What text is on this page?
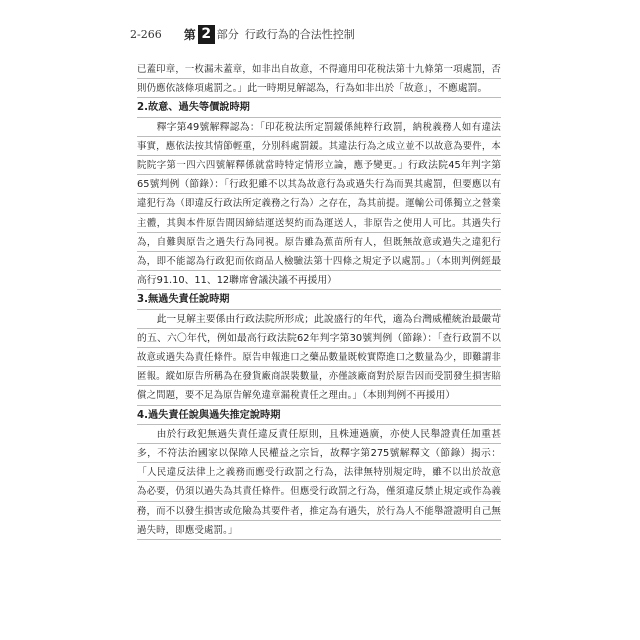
2-266 第 2 部分 行政行為的合法性控制

已蓋印章，一枚漏未蓋章，如非出自故意，不得適用印花稅法第十九條第一項處罰，否則仍應依該條項處罰之。」此一時期見解認為，行為如非出於「故意」，不應處罰。

2.故意、過失等價說時期

釋字第49號解釋認為：「印花稅法所定罰鍰係純粹行政罰，納稅義務人如有違法事實，應依法按其情節輕重，分別科處罰鍰。其違法行為之成立並不以故意為要件，本院院字第一四六四號解釋係就當時特定情形立論，應予變更。」行政法院45年判字第65號判例（節錄）：「行政犯雖不以其為故意行為或過失行為而異其處罰，但要應以有違犯行為（即違反行政法所定義務之行為）之存在，為其前提。運輸公司係獨立之營業主體，其與本件原告間因締結運送契約而為運送人，非原告之使用人可比。其過失行為，自難與原告之過失行為同視。原告雖為蕉苗所有人，但既無故意或過失之違犯行為，即不能認為行政犯而依商品人檢驗法第十四條之規定予以處罰。」（本則判例經最高行91.10、11、12聯席會議決議不再援用）

3.無過失責任說時期

此一見解主要係由行政法院所形成；此說盛行的年代，適為台灣威權統治最嚴苛的五、六〇年代，例如最高行政法院62年判字第30號判例（節錄）：「查行政罰不以故意或過失為責任條件。原告申報進口之藥品數量既較實際進口之數量為少，即難謂非匿報。縱如原告所稱為在發貨廠商誤裝數量，亦僅該廠商對於原告因而受罰發生損害賠償之問題，要不足為原告解免違章漏稅責任之理由。」（本則判例不再援用）

4.過失責任說與過失推定說時期

由於行政犯無過失責任違反責任原則，且株連過廣，亦使人民舉證責任加重甚多，不符法治國家以保障人民權益之宗旨，故釋字第275號解釋文（節錄）揭示：「人民違反法律上之義務而應受行政罰之行為，法律無特別規定時，雖不以出於故意為必要，仍須以過失為其責任條件。但應受行政罰之行為，僅須違反禁止規定或作為義務，而不以發生損害或危險為其要件者，推定為有過失，於行為人不能舉證證明自己無過失時，即應受處罰。」
